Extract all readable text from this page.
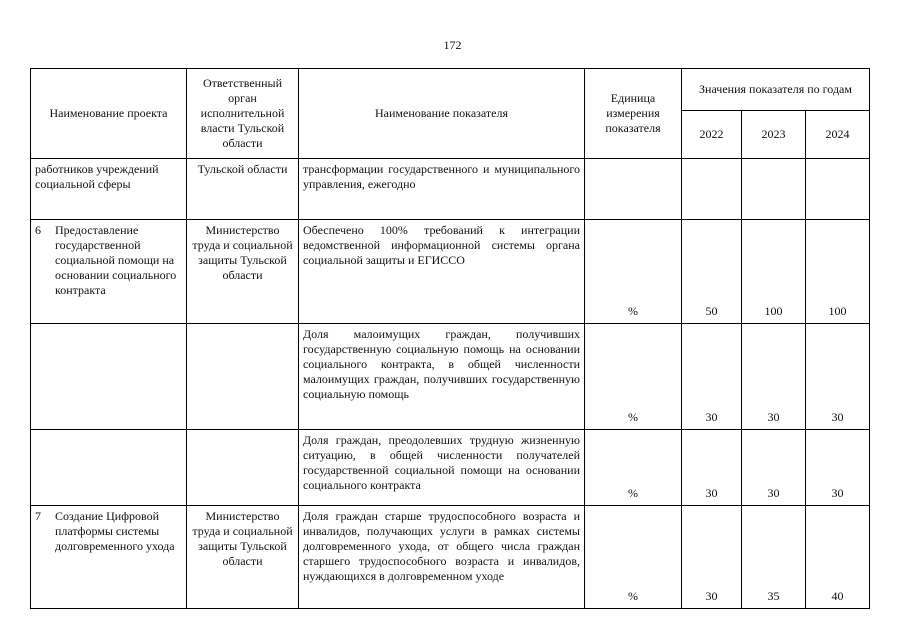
172
Наименование проекта	Ответственный орган исполнительной власти Тульской области	Наименование показателя	Единица измерения показателя	Значения показателя по годам		
				2022	2023	2024

работников учреждений социальной сферы	Тульской области	трансформации государственного и муниципального управления, ежегодно				

6 Предоставление государственной социальной помощи на основании социального контракта	Министерство труда и социальной защиты Тульской области	Обеспечено 100% требований к интеграции ведомственной информационной системы органа социальной защиты и ЕГИССО	%	50	100	100

		Доля малоимущих граждан, получивших государственную социальную помощь на основании социального контракта, в общей численности малоимущих граждан, получивших государственную социальную помощь	%	30	30	30

		Доля граждан, преодолевших трудную жизненную ситуацию, в общей численности получателей государственной социальной помощи на основании социального контракта	%	30	30	30

7 Создание Цифровой платформы системы долговременного ухода	Министерство труда и социальной защиты Тульской области	Доля граждан старше трудоспособного возраста и инвалидов, получающих услуги в рамках системы долговременного ухода, от общего числа граждан старшего трудоспособного возраста и инвалидов, нуждающихся в долговременном уходе	%	30	35	40
